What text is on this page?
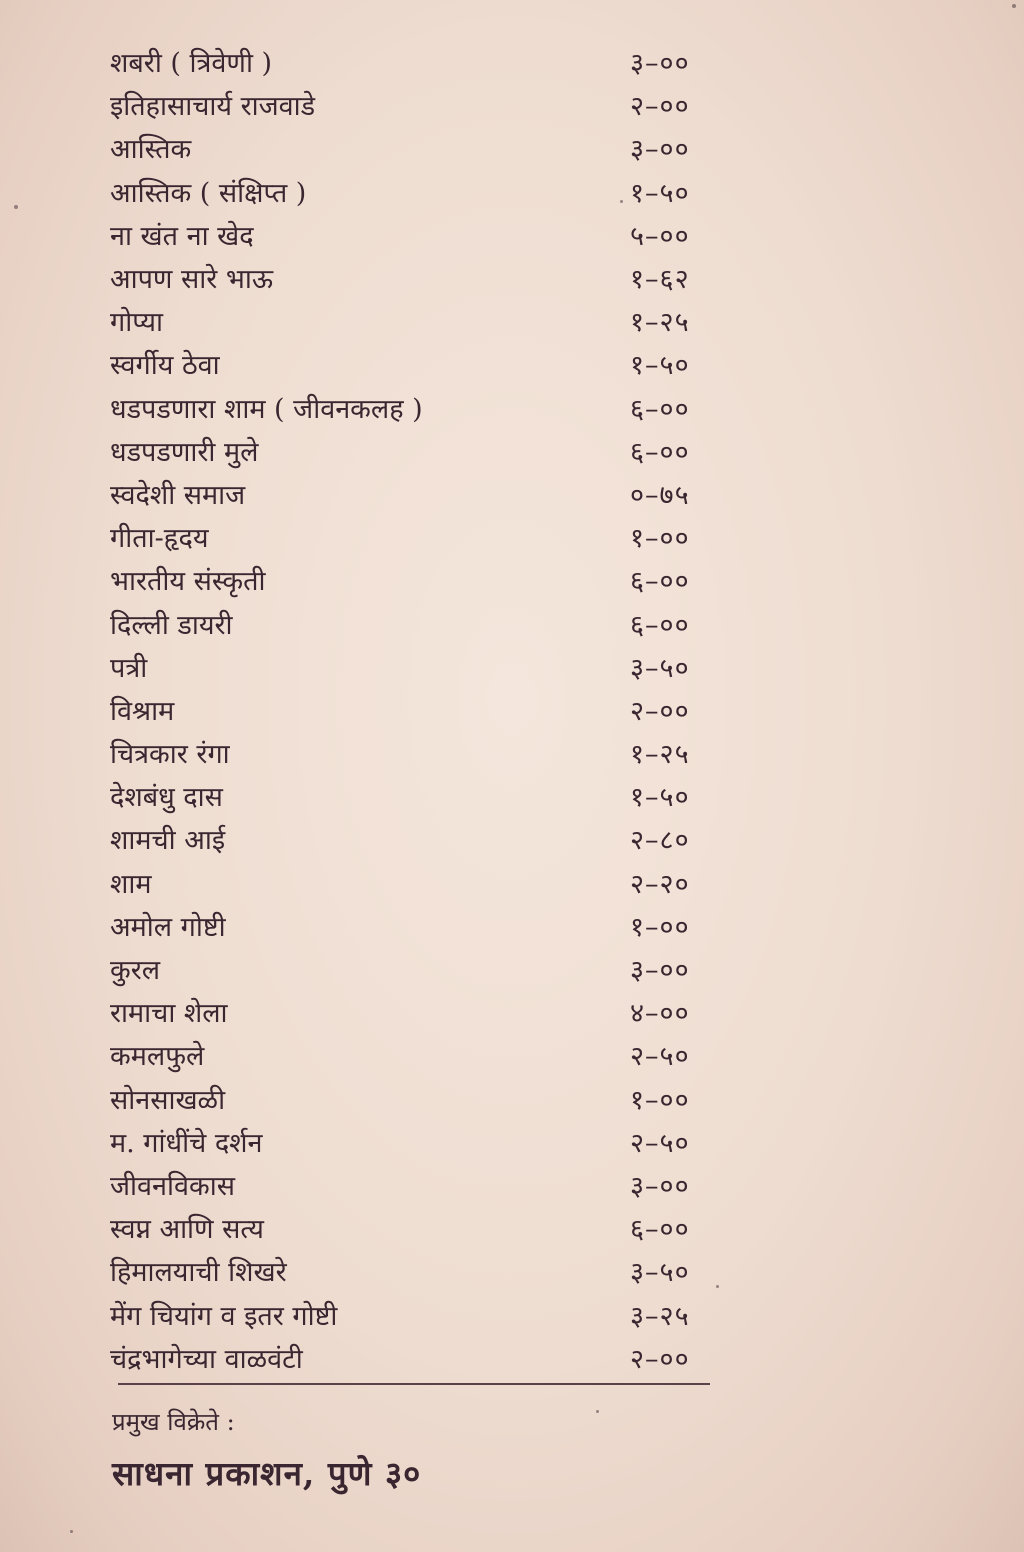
शबरी ( त्रिवेणी )	३–००
इतिहासाचार्य राजवाडे	२–००
आस्तिक	३–००
आस्तिक ( संक्षिप्त )	१–५०
ना खंत ना खेद	५–००
आपण सारे भाऊ	१–६२
गोप्या	१–२५
स्वर्गीय ठेवा	१–५०
धडपडणारा शाम ( जीवनकलह )	६–००
धडपडणारी मुले	६–००
स्वदेशी समाज	०–७५
गीता-हृदय	१–००
भारतीय संस्कृती	६–००
दिल्ली डायरी	६–००
पत्री	३–५०
विश्राम	२–००
चित्रकार रंगा	१–२५
देशबंधु दास	१–५०
शामची आई	२–८०
शाम	२–२०
अमोल गोष्टी	१–००
कुरल	३–००
रामाचा शेला	४–००
कमलफुले	२–५०
सोनसाखळी	१–००
म. गांधींचे दर्शन	२–५०
जीवनविकास	३–००
स्वप्न आणि सत्य	६–००
हिमालयाची शिखरे	३–५०
मेंग चियांग व इतर गोष्टी	३–२५
चंद्रभागेच्या वाळवंटी	२–००
प्रमुख विक्रेते :
साधना प्रकाशन, पुणे ३०
